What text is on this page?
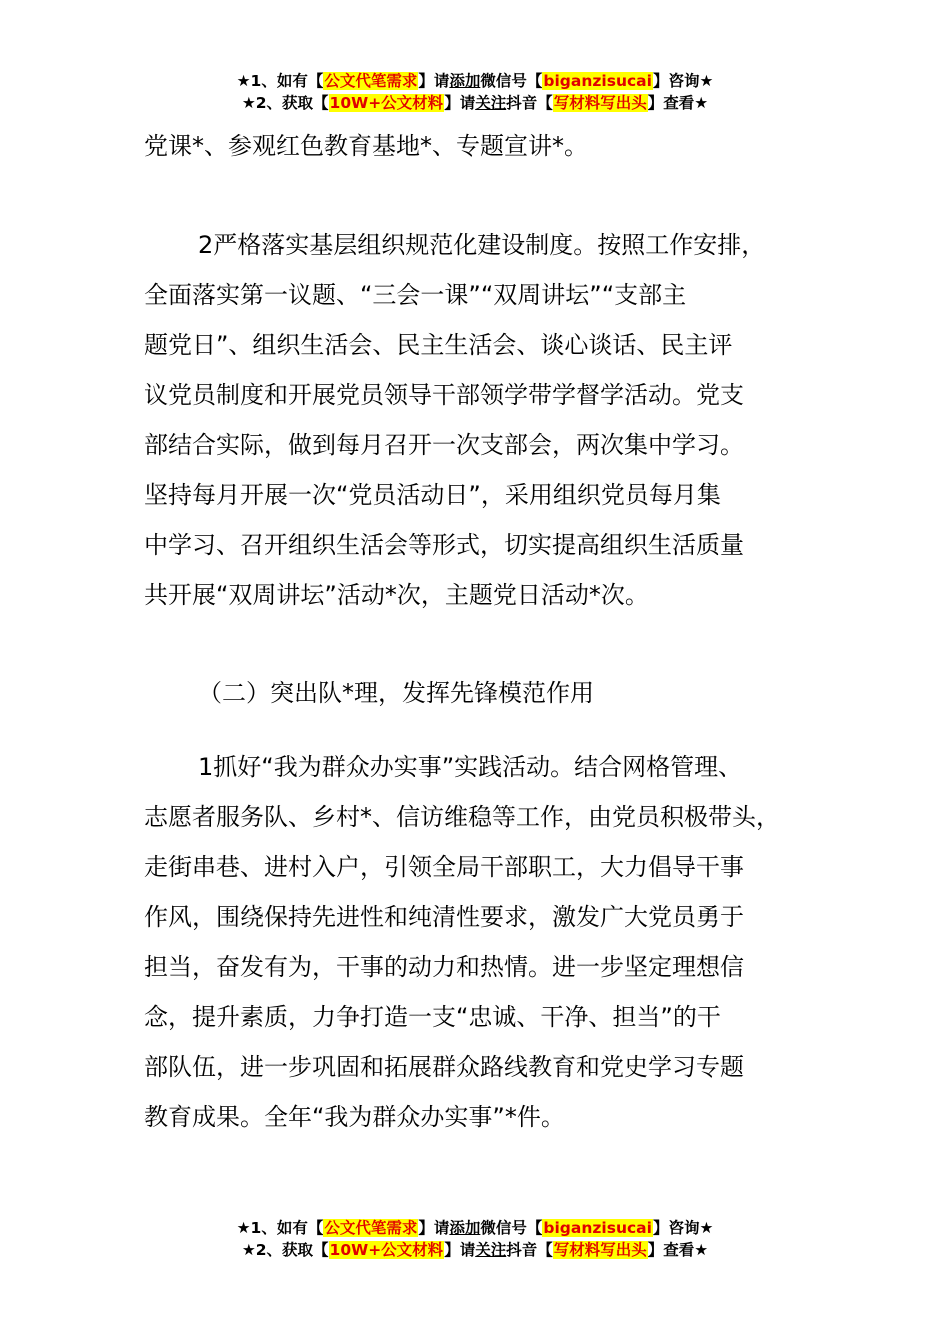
★1、如有【公文代笔需求】请添加微信号【biganzisucai】咨询★
★2、获取【10W+公文材料】请关注抖音【写材料写出头】查看★
党课*、参观红色教育基地*、专题宣讲*。
2严格落实基层组织规范化建设制度。按照工作安排，
全面落实第一议题、“三会一课”“双周讲坛”“支部主
题党日”、组织生活会、民主生活会、谈心谈话、民主评
议党员制度和开展党员领导干部领学带学督学活动。党支
部结合实际，做到每月召开一次支部会，两次集中学习。
坚持每月开展一次“党员活动日”，采用组织党员每月集
中学习、召开组织生活会等形式，切实提高组织生活质量
共开展“双周讲坛”活动*次，主题党日活动*次。
（二）突出队*理，发挥先锋模范作用
1抓好“我为群众办实事”实践活动。结合网格管理、
志愿者服务队、乡村*、信访维稳等工作，由党员积极带头，
走街串巷、进村入户，引领全局干部职工，大力倡导干事
作风，围绕保持先进性和纯清性要求，激发广大党员勇于
担当，奋发有为，干事的动力和热情。进一步坚定理想信
念，提升素质，力争打造一支“忠诚、干净、担当”的干
部队伍，进一步巩固和拓展群众路线教育和党史学习专题
教育成果。全年“我为群众办实事”*件。
★1、如有【公文代笔需求】请添加微信号【biganzisucai】咨询★
★2、获取【10W+公文材料】请关注抖音【写材料写出头】查看★
